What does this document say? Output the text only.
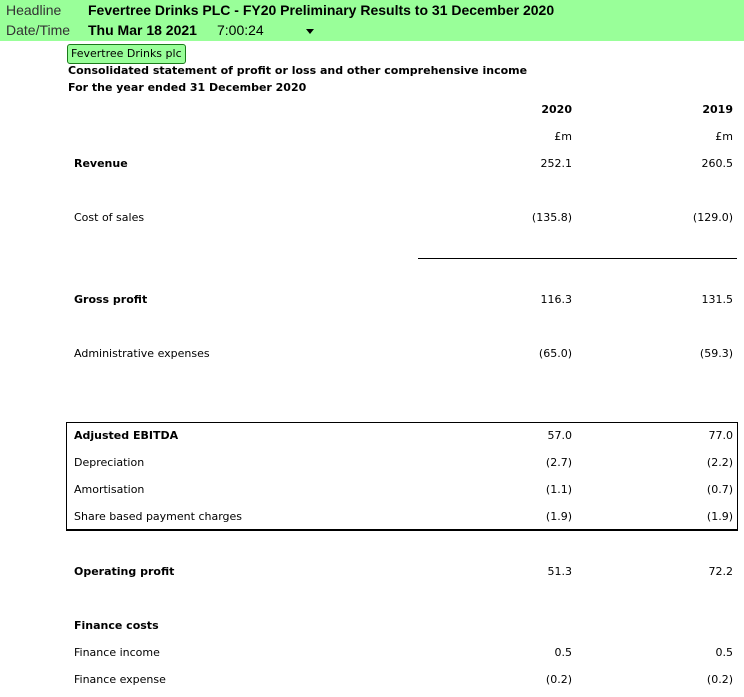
Headline Fevertree Drinks PLC - FY20 Preliminary Results to 31 December 2020
Date/Time Thu Mar 18 2021 7:00:24
Fevertree Drinks plc
Consolidated statement of profit or loss and other comprehensive income
For the year ended 31 December 2020
2020	2019
£m	£m
Revenue	252.1	260.5
Cost of sales	(135.8)	(129.0)
Gross profit	116.3	131.5
Administrative expenses	(65.0)	(59.3)
Adjusted EBITDA	57.0	77.0
Depreciation	(2.7)	(2.2)
Amortisation	(1.1)	(0.7)
Share based payment charges	(1.9)	(1.9)
Operating profit	51.3	72.2
Finance costs
Finance income	0.5	0.5
Finance expense	(0.2)	(0.2)
